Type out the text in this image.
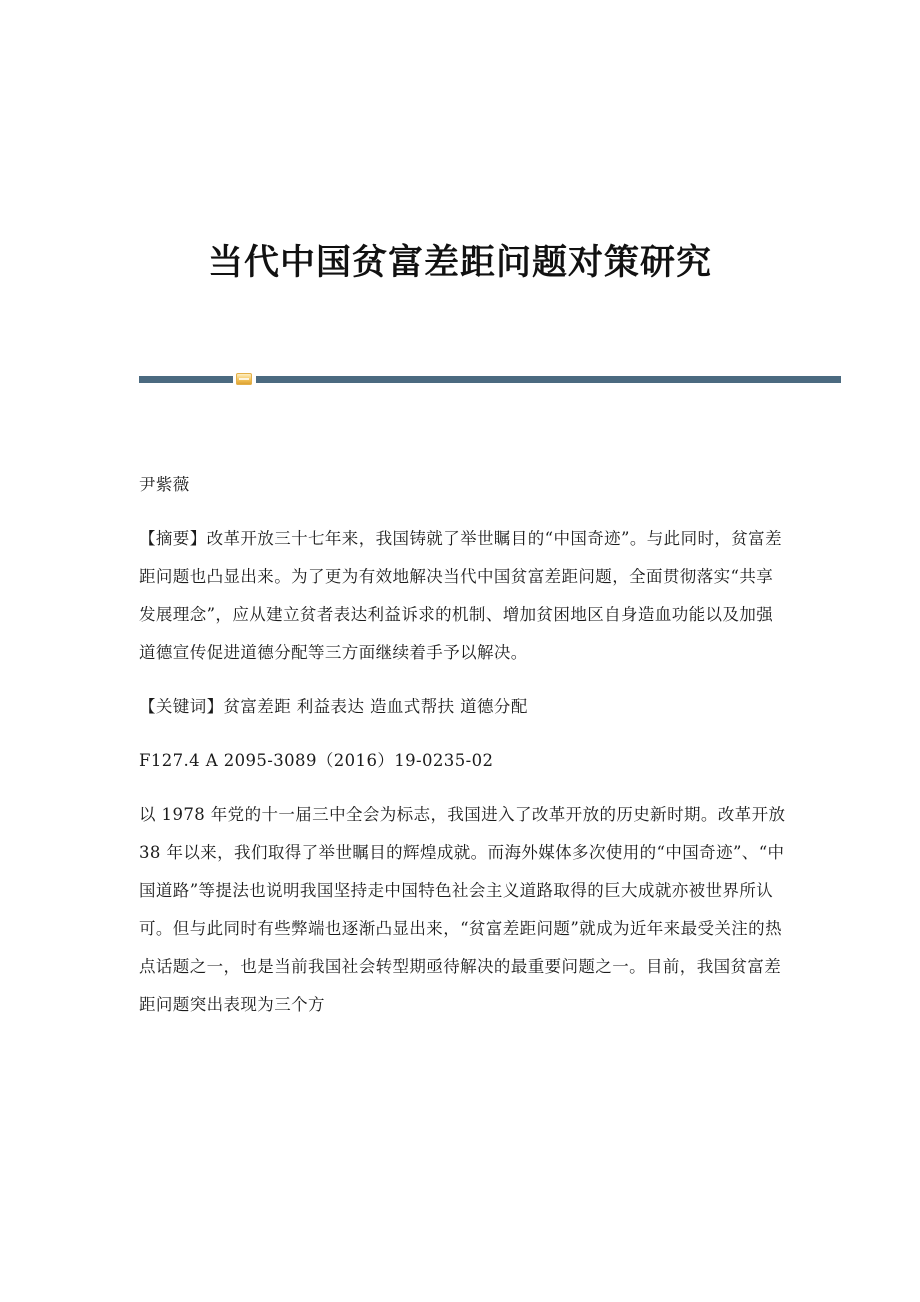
当代中国贫富差距问题对策研究

尹紫薇

【摘要】改革开放三十七年来，我国铸就了举世瞩目的“中国奇迹”。与此同时，贫富差距问题也凸显出来。为了更为有效地解决当代中国贫富差距问题，全面贯彻落实“共享发展理念”，应从建立贫者表达利益诉求的机制、增加贫困地区自身造血功能以及加强道德宣传促进道德分配等三方面继续着手予以解决。

【关键词】贫富差距 利益表达 造血式帮扶 道德分配

F127.4 A 2095-3089（2016）19-0235-02

以 1978 年党的十一届三中全会为标志，我国进入了改革开放的历史新时期。改革开放 38 年以来，我们取得了举世瞩目的辉煌成就。而海外媒体多次使用的“中国奇迹”、“中国道路”等提法也说明我国坚持走中国特色社会主义道路取得的巨大成就亦被世界所认可。但与此同时有些弊端也逐渐凸显出来，“贫富差距问题”就成为近年来最受关注的热点话题之一，也是当前我国社会转型期亟待解决的最重要问题之一。目前，我国贫富差距问题突出表现为三个方
